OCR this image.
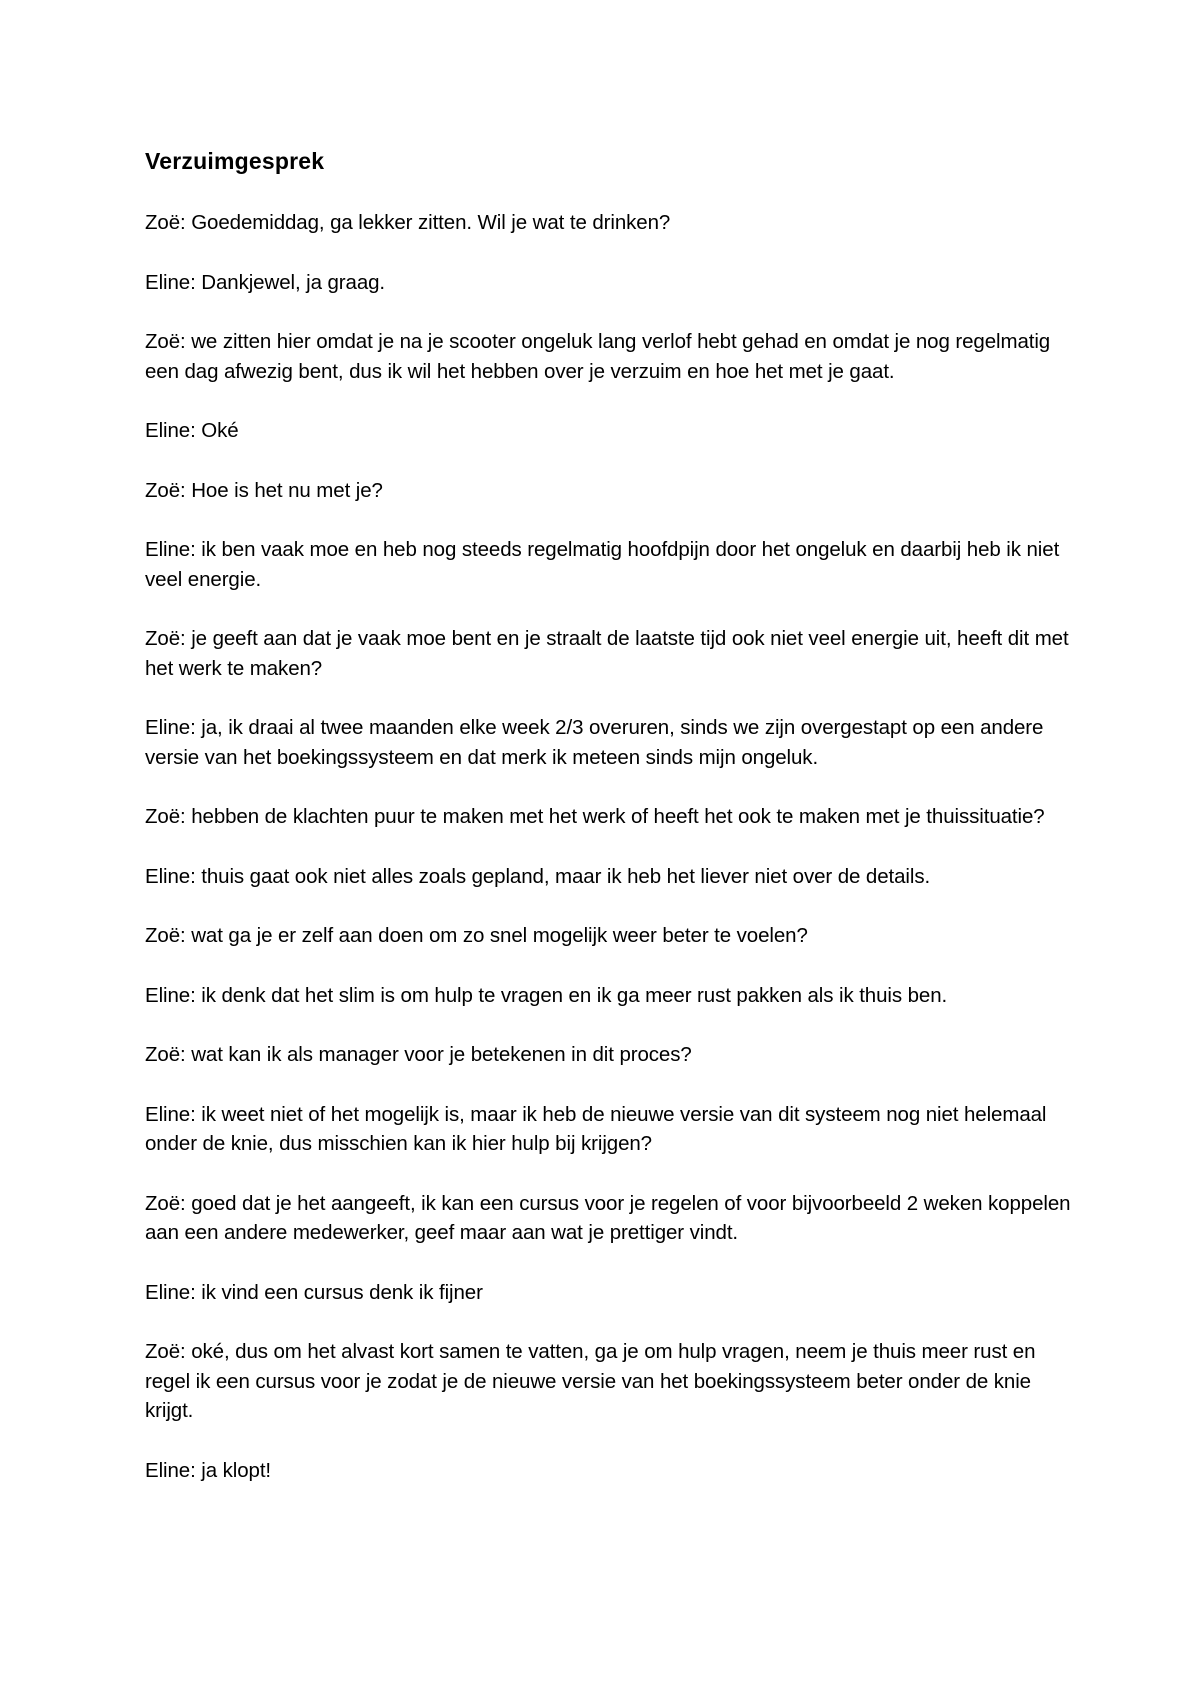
Verzuimgesprek

Zoë: Goedemiddag, ga lekker zitten. Wil je wat te drinken?

Eline: Dankjewel, ja graag.

Zoë: we zitten hier omdat je na je scooter ongeluk lang verlof hebt gehad en omdat je nog regelmatig een dag afwezig bent, dus ik wil het hebben over je verzuim en hoe het met je gaat.

Eline: Oké

Zoë: Hoe is het nu met je?

Eline: ik ben vaak moe en heb nog steeds regelmatig hoofdpijn door het ongeluk en daarbij heb ik niet veel energie.

Zoë: je geeft aan dat je vaak moe bent en je straalt de laatste tijd ook niet veel energie uit, heeft dit met het werk te maken?

Eline: ja, ik draai al twee maanden elke week 2/3 overuren, sinds we zijn overgestapt op een andere versie van het boekingssysteem en dat merk ik meteen sinds mijn ongeluk.

Zoë: hebben de klachten puur te maken met het werk of heeft het ook te maken met je thuissituatie?

Eline: thuis gaat ook niet alles zoals gepland, maar ik heb het liever niet over de details.

Zoë: wat ga je er zelf aan doen om zo snel mogelijk weer beter te voelen?

Eline: ik denk dat het slim is om hulp te vragen en ik ga meer rust pakken als ik thuis ben.

Zoë: wat kan ik als manager voor je betekenen in dit proces?

Eline: ik weet niet of het mogelijk is, maar ik heb de nieuwe versie van dit systeem nog niet helemaal onder de knie, dus misschien kan ik hier hulp bij krijgen?

Zoë: goed dat je het aangeeft, ik kan een cursus voor je regelen of voor bijvoorbeeld 2 weken koppelen aan een andere medewerker, geef maar aan wat je prettiger vindt.

Eline: ik vind een cursus denk ik fijner

Zoë: oké, dus om het alvast kort samen te vatten, ga je om hulp vragen, neem je thuis meer rust en regel ik een cursus voor je zodat je de nieuwe versie van het boekingssysteem beter onder de knie krijgt.

Eline: ja klopt!
